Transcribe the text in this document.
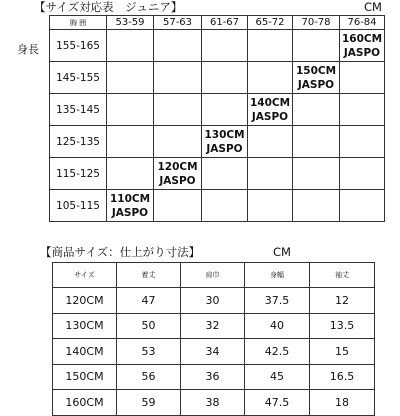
【サイズ対応表　ジュニア】	CM
身長
胸 囲	53-59	57-63	61-67	65-72	70-78	76-84
155-165						160CM
JASPO

145-155					150CM
JASPO	

135-145				140CM
JASPO		

125-135			130CM
JASPO			

115-125		120CM
JASPO				

105-115	110CM
JASPO					

【商品サイズ：仕上がり寸法】	CM
サイズ	着丈	肩巾	身幅	袖丈
120CM	47	30	37.5	12
130CM	50	32	40	13.5
140CM	53	34	42.5	15
150CM	56	36	45	16.5
160CM	59	38	47.5	18
